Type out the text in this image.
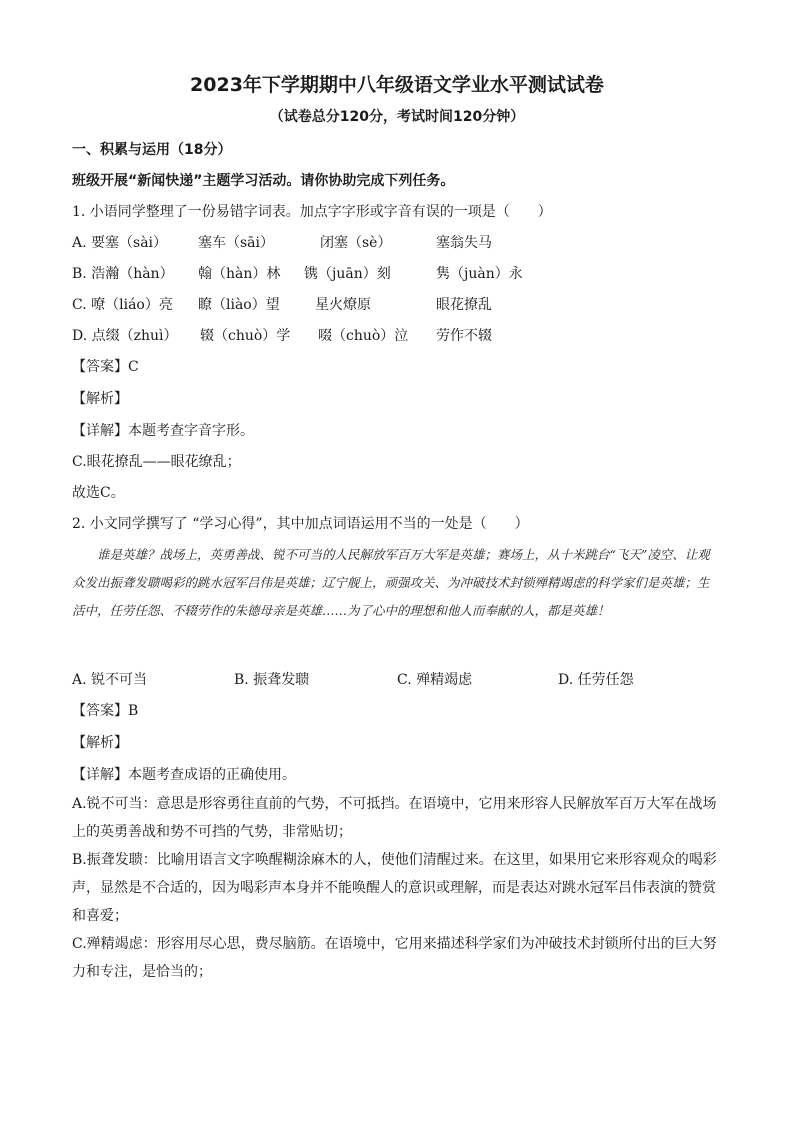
2023年下学期期中八年级语文学业水平测试试卷
（试卷总分120分，考试时间120分钟）
一、积累与运用（18分）
班级开展“新闻快递”主题学习活动。请你协助完成下列任务。
1. 小语同学整理了一份易错字词表。加点字字形或字音有误的一项是（　　）
A. 要塞（sài） 塞车（sāi）	闭塞（sè）	塞翁失马
B. 浩瀚（hàn） 翰（hàn）林 镌（juān）刻	隽（juàn）永
C. 嘹（liáo）亮 瞭（liào）望	星火燎原	眼花撩乱
D. 点缀（zhuì） 辍（chuò）学 啜（chuò）泣 劳作不辍
【答案】C
【解析】
【详解】本题考查字音字形。
C.眼花撩乱——眼花缭乱；
故选C。
2. 小文同学撰写了 “学习心得”，其中加点词语运用不当的一处是（　　）

谁是英雄？战场上，英勇善战、锐不可当的人民解放军百万大军是英雄；赛场上，从十米跳台“飞天”凌空、让观众发出振聋发聩喝彩的跳水冠军吕伟是英雄；辽宁舰上，顽强攻关、为冲破技术封锁殚精竭虑的科学家们是英雄；生活中，任劳任怨、不辍劳作的朱德母亲是英雄……为了心中的理想和他人而奉献的人，都是英雄！

A. 锐不可当	B. 振聋发聩	C. 殚精竭虑	D. 任劳任怨
【答案】B
【解析】
【详解】本题考查成语的正确使用。

A.锐不可当：意思是形容勇往直前的气势，不可抵挡。在语境中，它用来形容人民解放军百万大军在战场上的英勇善战和势不可挡的气势，非常贴切；

B.振聋发聩：比喻用语言文字唤醒糊涂麻木的人，使他们清醒过来。在这里，如果用它来形容观众的喝彩声，显然是不合适的，因为喝彩声本身并不能唤醒人的意识或理解，而是表达对跳水冠军吕伟表演的赞赏和喜爱；

C.殚精竭虑：形容用尽心思，费尽脑筋。在语境中，它用来描述科学家们为冲破技术封锁所付出的巨大努力和专注，是恰当的；
